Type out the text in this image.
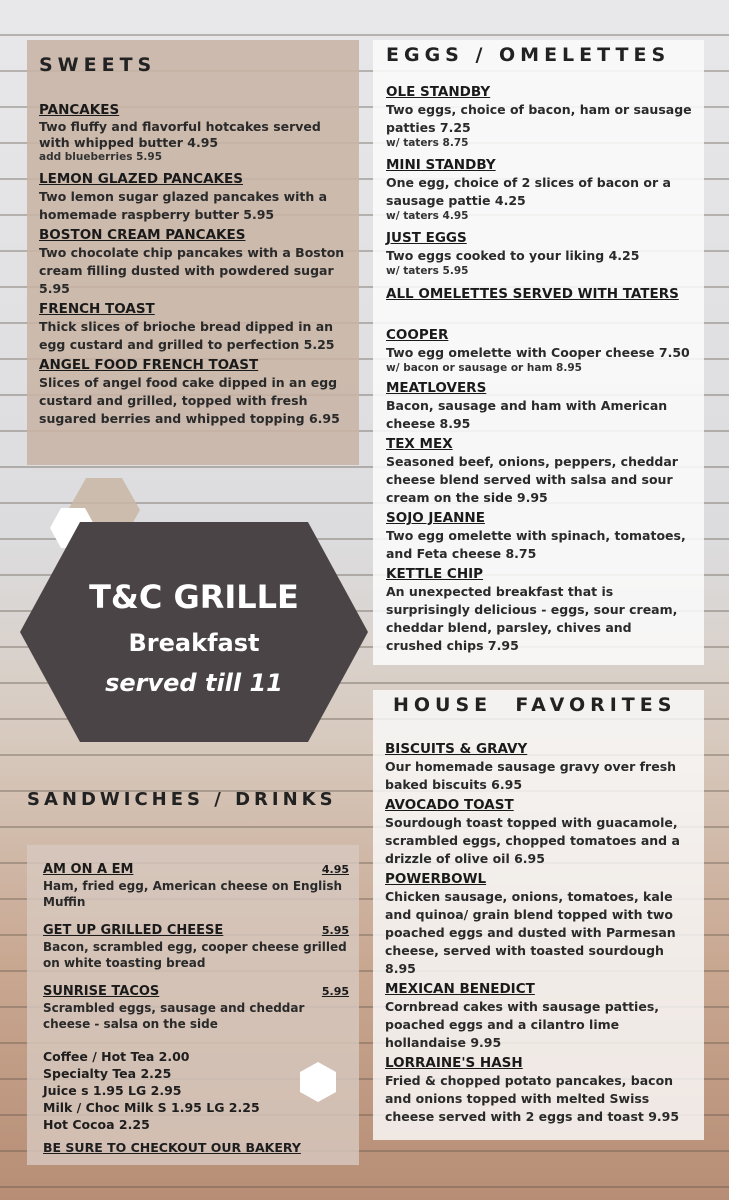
SWEETS
PANCAKES
Two fluffy and flavorful hotcakes served with whipped butter 4.95
add blueberries 5.95
LEMON GLAZED PANCAKES
Two lemon sugar glazed pancakes with a homemade raspberry butter 5.95
BOSTON CREAM PANCAKES
Two chocolate chip pancakes with a Boston cream filling dusted with powdered sugar 5.95
FRENCH TOAST
Thick slices of brioche bread dipped in an egg custard and grilled to perfection 5.25
ANGEL FOOD FRENCH TOAST
Slices of angel food cake dipped in an egg custard and grilled, topped with fresh sugared berries and whipped topping 6.95
EGGS / OMELETTES
OLE STANDBY
Two eggs, choice of bacon, ham or sausage patties 7.25
w/ taters 8.75
MINI STANDBY
One egg, choice of 2 slices of bacon or a sausage pattie 4.25
w/ taters 4.95
JUST EGGS
Two eggs cooked to your liking 4.25
w/ taters 5.95
ALL OMELETTES SERVED WITH TATERS
COOPER
Two egg omelette with Cooper cheese 7.50
w/ bacon or sausage or ham 8.95
MEATLOVERS
Bacon, sausage and ham with American cheese 8.95
TEX MEX
Seasoned beef, onions, peppers, cheddar cheese blend served with salsa and sour cream on the side 9.95
SOJO JEANNE
Two egg omelette with spinach, tomatoes, and Feta cheese 8.75
KETTLE CHIP
An unexpected breakfast that is surprisingly delicious - eggs, sour cream, cheddar blend, parsley, chives and crushed chips 7.95
T&C GRILLE
Breakfast
served till 11
HOUSE  FAVORITES
BISCUITS & GRAVY
Our homemade sausage gravy over fresh baked biscuits 6.95
AVOCADO TOAST
Sourdough toast topped with guacamole, scrambled eggs, chopped tomatoes and a drizzle of olive oil 6.95
POWERBOWL
Chicken sausage, onions, tomatoes, kale and quinoa/ grain blend topped with two poached eggs and dusted with Parmesan cheese, served with toasted sourdough 8.95
MEXICAN BENEDICT
Cornbread cakes with sausage patties, poached eggs and a cilantro lime hollandaise 9.95
LORRAINE'S HASH
Fried & chopped potato pancakes, bacon and onions topped with melted Swiss cheese served with 2 eggs and toast 9.95
SANDWICHES / DRINKS
AM ON A EM	4.95
Ham, fried egg, American cheese on English Muffin
GET UP GRILLED CHEESE	5.95
Bacon, scrambled egg, cooper cheese grilled on white toasting bread
SUNRISE TACOS	5.95
Scrambled eggs, sausage and cheddar cheese - salsa on the side
Coffee / Hot Tea 2.00
Specialty Tea 2.25
Juice s 1.95 LG 2.95
Milk / Choc Milk S 1.95 LG 2.25
Hot Cocoa 2.25
BE SURE TO CHECKOUT OUR BAKERY
